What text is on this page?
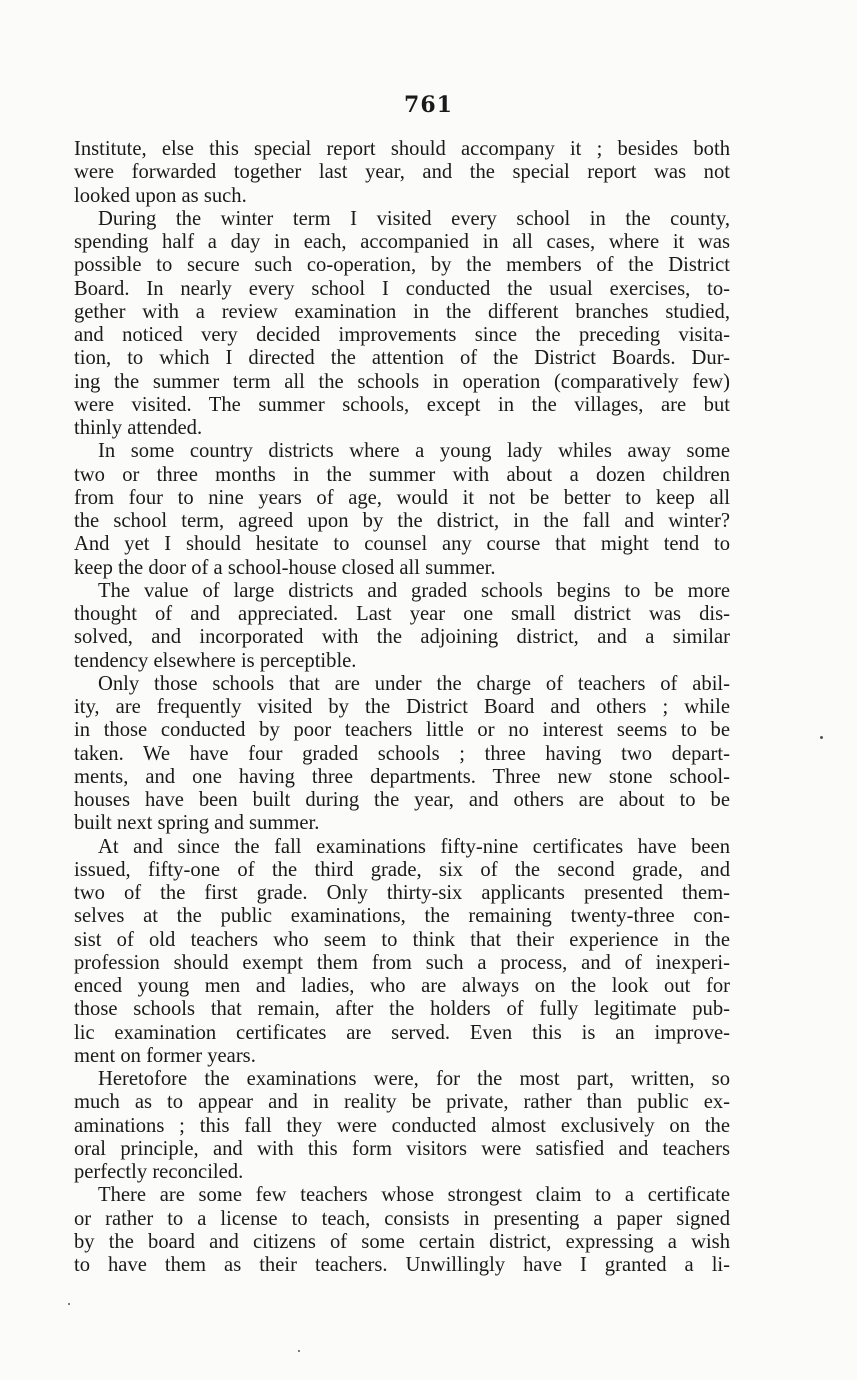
761
Institute, else this special report should accompany it ; besides both
were forwarded together last year, and the special report was not
looked upon as such.
During the winter term I visited every school in the county,
spending half a day in each, accompanied in all cases, where it was
possible to secure such co-operation, by the members of the District
Board. In nearly every school I conducted the usual exercises, to-
gether with a review examination in the different branches studied,
and noticed very decided improvements since the preceding visita-
tion, to which I directed the attention of the District Boards. Dur-
ing the summer term all the schools in operation (comparatively few)
were visited. The summer schools, except in the villages, are but
thinly attended.
In some country districts where a young lady whiles away some
two or three months in the summer with about a dozen children
from four to nine years of age, would it not be better to keep all
the school term, agreed upon by the district, in the fall and winter?
And yet I should hesitate to counsel any course that might tend to
keep the door of a school-house closed all summer.
The value of large districts and graded schools begins to be more
thought of and appreciated. Last year one small district was dis-
solved, and incorporated with the adjoining district, and a similar
tendency elsewhere is perceptible.
Only those schools that are under the charge of teachers of abil-
ity, are frequently visited by the District Board and others ; while
in those conducted by poor teachers little or no interest seems to be
taken. We have four graded schools ; three having two depart-
ments, and one having three departments. Three new stone school-
houses have been built during the year, and others are about to be
built next spring and summer.
At and since the fall examinations fifty-nine certificates have been
issued, fifty-one of the third grade, six of the second grade, and
two of the first grade. Only thirty-six applicants presented them-
selves at the public examinations, the remaining twenty-three con-
sist of old teachers who seem to think that their experience in the
profession should exempt them from such a process, and of inexperi-
enced young men and ladies, who are always on the look out for
those schools that remain, after the holders of fully legitimate pub-
lic examination certificates are served. Even this is an improve-
ment on former years.
Heretofore the examinations were, for the most part, written, so
much as to appear and in reality be private, rather than public ex-
aminations ; this fall they were conducted almost exclusively on the
oral principle, and with this form visitors were satisfied and teachers
perfectly reconciled.
There are some few teachers whose strongest claim to a certificate
or rather to a license to teach, consists in presenting a paper signed
by the board and citizens of some certain district, expressing a wish
to have them as their teachers. Unwillingly have I granted a li-
